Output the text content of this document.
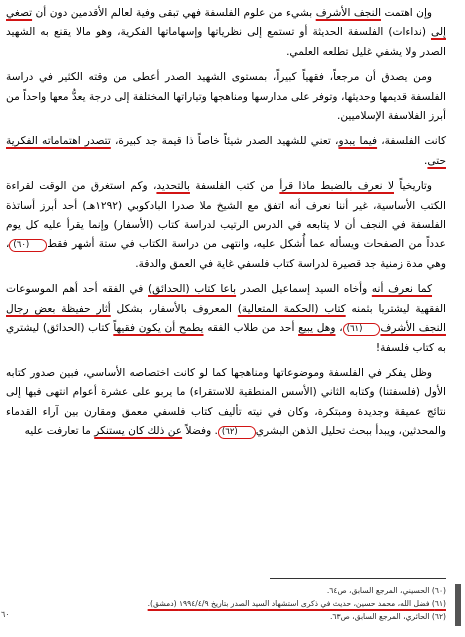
وإن اهتمت النجف الأشرف بشيء من علوم الفلسفة فهي تبقى وفية لعالم الأقدمين دون أن تصغي إلى (نداءات) الفلسفة الحديثة أو تستمع إلى نظرياتها وإسهاماتها الفكرية، وهو مالا يقنع به الشهيد الصدر ولا يشفي غليل تطلعه العلمي.

ومن يصدق أن مرجعاً، فقهياً كبيراً، بمستوى الشهيد الصدر أعطى من وقته الكثير في دراسة الفلسفة قديمها وحديثها، وتوفر على مدارسها ومناهجها وتياراتها المختلفة إلى درجة يعدُّ معها واحداً من أبرز الفلاسفة الإسلاميين.

كانت الفلسفة، فيما يبدو، تعني للشهيد الصدر شيئاً خاصاً ذا قيمة جد كبيرة، تتصدر اهتماماته الفكرية حتى.

وتاريخياً لا نعرف بالضبط ماذا قرأ من كتب الفلسفة بالتحديد، وكم استغرق من الوقت لقراءة الكتب الأساسية، غير أننا نعرف أنه اتفق مع الشيخ ملا صدرا البادكوبي (١٢٩٢هـ) أحد أبرز أساتذة الفلسفة في النجف أن لا يتابعه في الدرس الرتيب لدراسة كتاب (الأسفار) وإنما يقرأ عليه كل يوم عدداً من الصفحات ويسأله عما أُشكل عليه، وانتهى من دراسة الكتاب في ستة أشهر فقط(٦٠)، وهي مدة زمنية جد قصيرة لدراسة كتاب فلسفي غاية في العمق والدقة.

كما نعرف أنه وأخاه السيد إسماعيل الصدر باعا كتاب (الحدائق) في الفقه أحد أهم الموسوعات الفقهية ليشتريا بثمنه كتاب (الحكمة المتعالية) المعروف بالأسفار، بشكل أثار حفيظة بعض رجال النجف الأشرف(٦١)، وهل يبيع أحد من طلاب الفقه يطمح أن يكون فقيهاً كتاب (الحدائق) ليشتري به كتاب فلسفة!

وظل يفكر في الفلسفة وموضوعاتها ومناهجها كما لو كانت اختصاصه الأساسي، فبين صدور كتابه الأول (فلسفتنا) وكتابه الثاني (الأسس المنطقية للاستقراء) ما يربو على عشرة أعوام انتهى فيها إلى نتائج عميقة وجديدة ومبتكرة، وكان في نيته تأليف كتاب فلسفي معمق ومقارن بين آراء القدماء والمحدثين، ويبدأ ببحث تحليل الذهن البشري(٦٢). وفضلاً عن ذلك كان يستنكر ما تعارفت عليه

(٦٠) الحسيني، المرجع السابق، ص٦٤.
(٦١) فضل الله، محمد حسين، حديث في ذكرى استشهاد السيد الصدر بتاريخ ١٩٩٤/٤/٩ (دمشق).
(٦٢) الحائري، المرجع السابق، ص٦٣.
٦٠
